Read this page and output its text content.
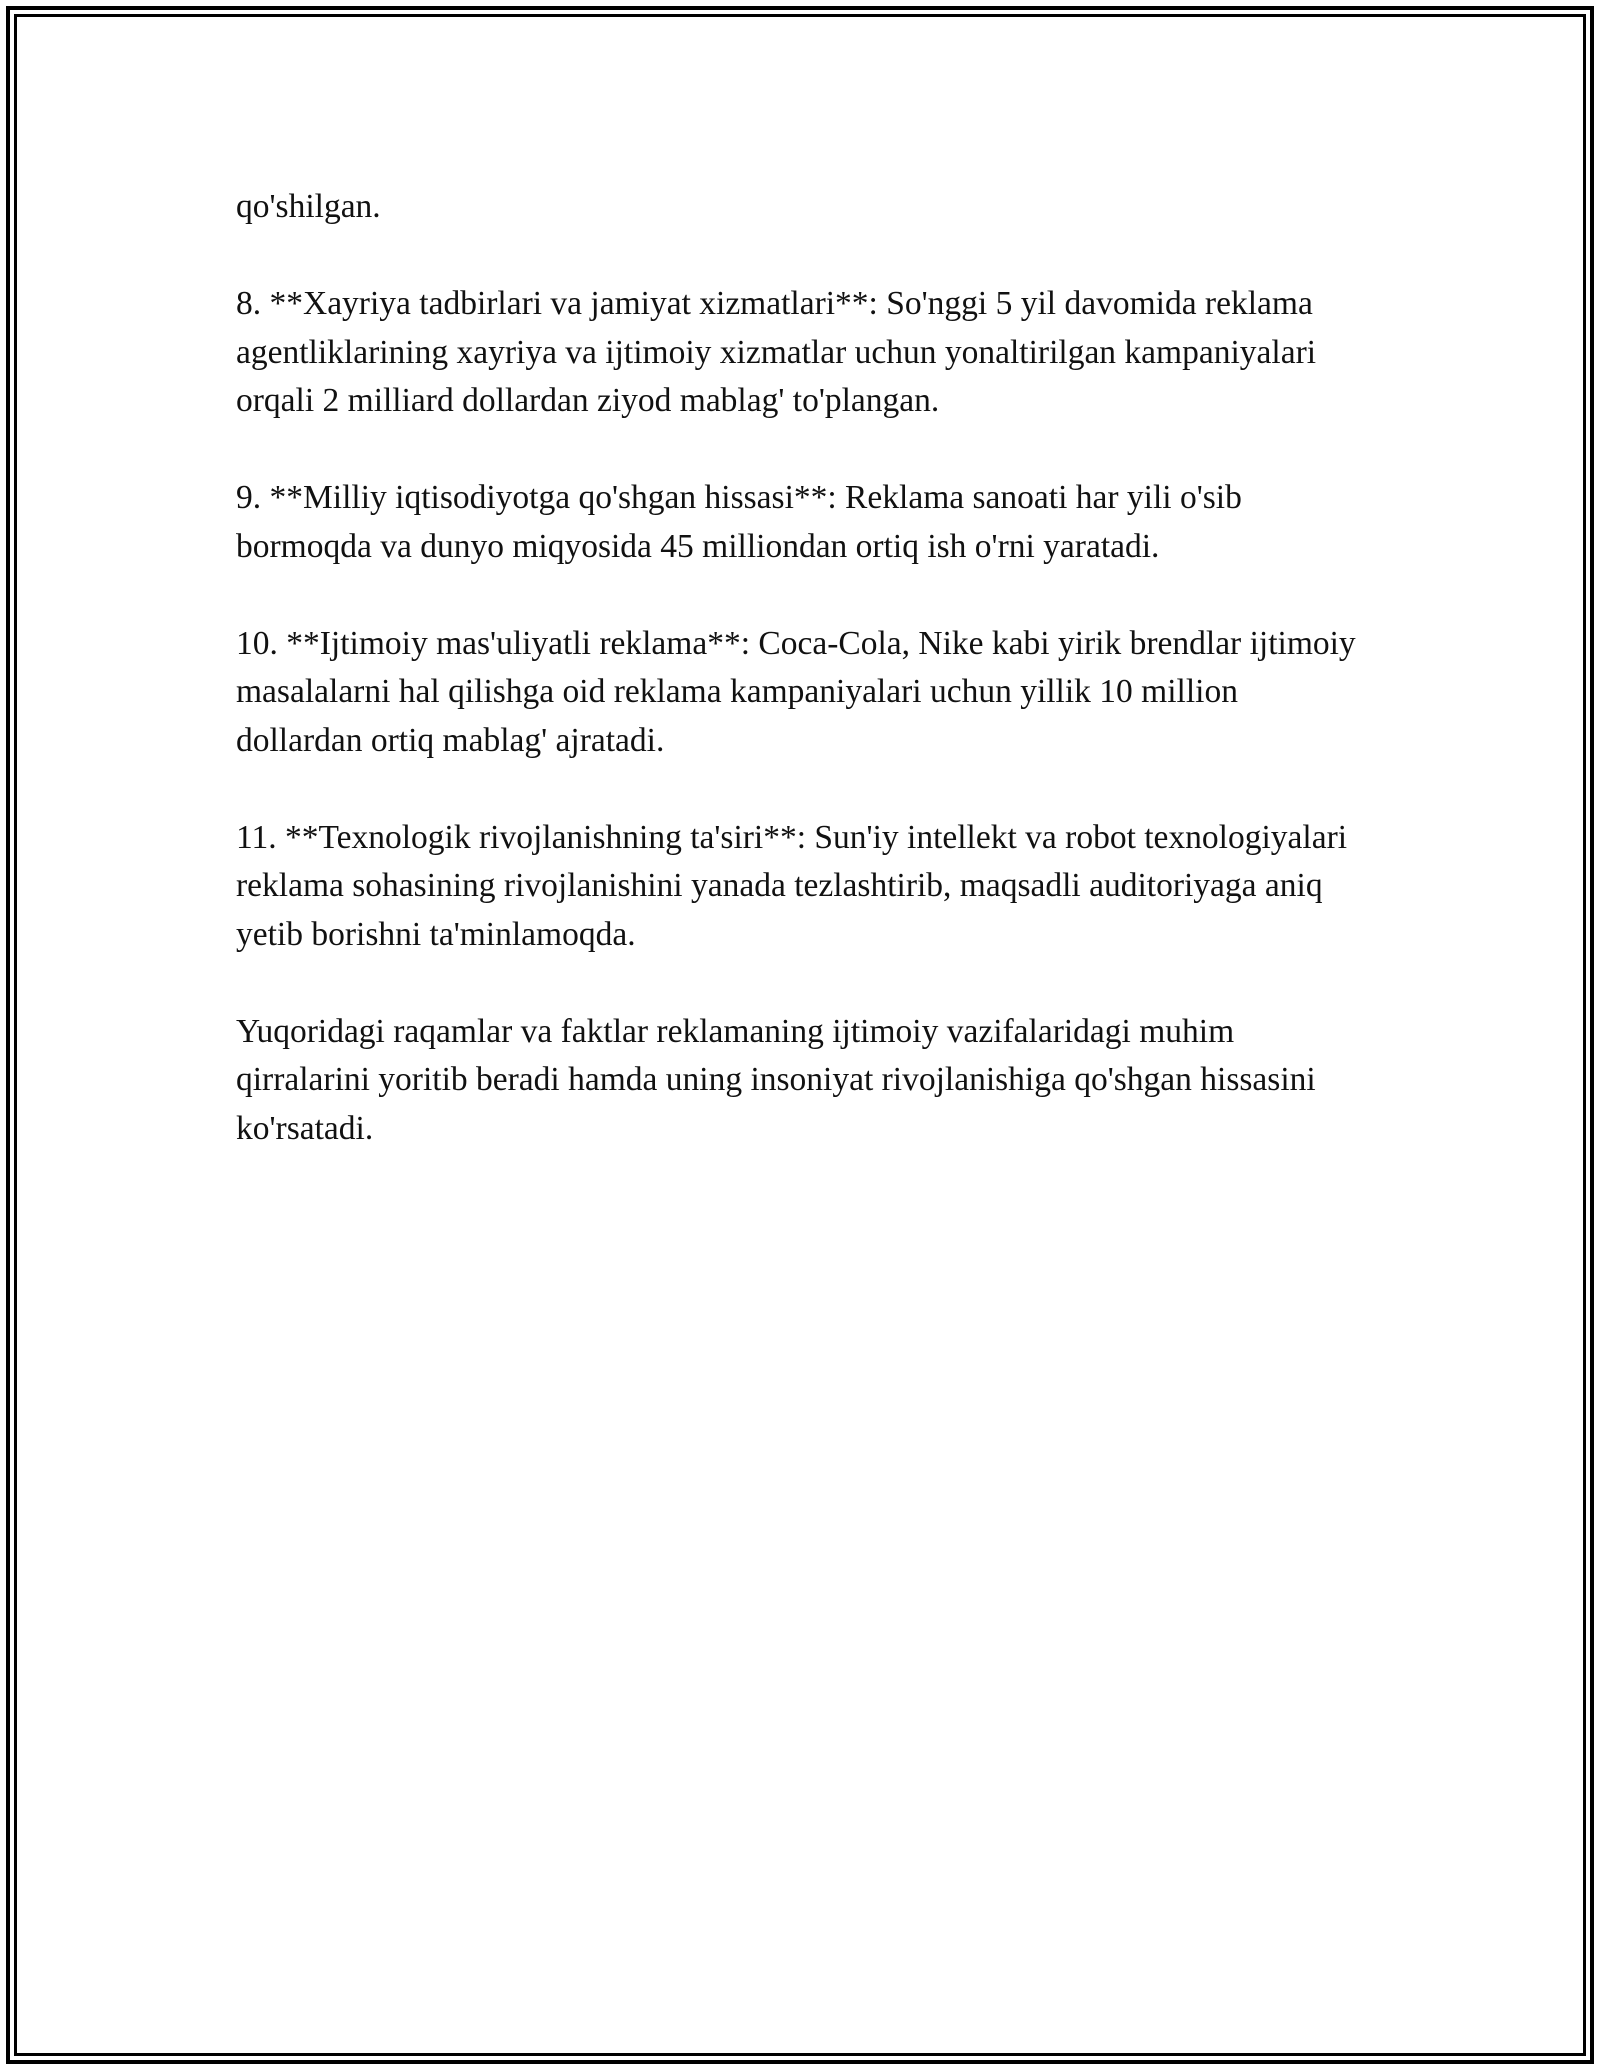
qo'shilgan.

8. **Xayriya tadbirlari va jamiyat xizmatlari**: So'nggi 5 yil davomida reklama agentliklarining xayriya va ijtimoiy xizmatlar uchun yonaltirilgan kampaniyalari orqali 2 milliard dollardan ziyod mablag' to'plangan.

9. **Milliy iqtisodiyotga qo'shgan hissasi**: Reklama sanoati har yili o'sib bormoqda va dunyo miqyosida 45 milliondan ortiq ish o'rni yaratadi.

10. **Ijtimoiy mas'uliyatli reklama**: Coca-Cola, Nike kabi yirik brendlar ijtimoiy masalalarni hal qilishga oid reklama kampaniyalari uchun yillik 10 million dollardan ortiq mablag' ajratadi.

11. **Texnologik rivojlanishning ta'siri**: Sun'iy intellekt va robot texnologiyalari reklama sohasining rivojlanishini yanada tezlashtirib, maqsadli auditoriyaga aniq yetib borishni ta'minlamoqda.

Yuqoridagi raqamlar va faktlar reklamaning ijtimoiy vazifalaridagi muhim qirralarini yoritib beradi hamda uning insoniyat rivojlanishiga qo'shgan hissasini ko'rsatadi.
